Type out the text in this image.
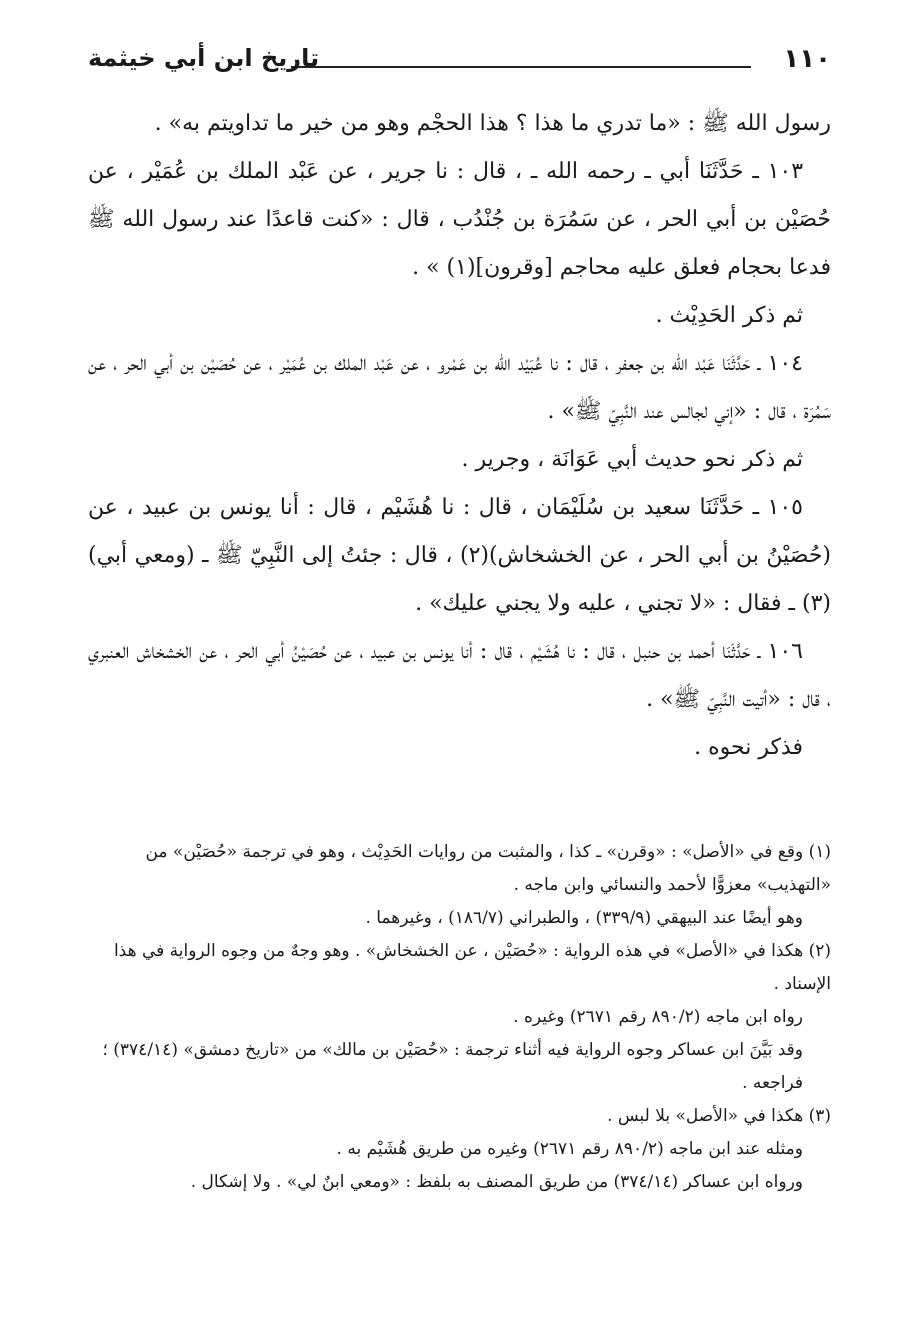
١١٠
تاريخ ابن أبي خيثمة

رسول الله ﷺ : «ما تدري ما هذا ؟ هذا الحجْم وهو من خير ما تداويتم به» .

١٠٣ ـ حَدَّثَنَا أبي ـ رحمه الله ـ ، قال : نا جرير ، عن عَبْد الملك بن عُمَيْر ، عن حُصَيْن بن أبي الحر ، عن سَمُرَة بن جُنْدُب ، قال : «كنت قاعدًا عند رسول الله ﷺ فدعا بحجام فعلق عليه محاجم [وقرون](١) » .

ثم ذكر الحَدِيْث .

١٠٤ ـ حَدَّثَنَا عَبْد الله بن جعفر ، قال : نا عُبَيْد الله بن عَمْرو ، عن عَبْد الملك بن عُمَيْر ، عن حُصَيْن بن أبي الحر ، عن سَمُرَة ، قال : «إني لجالس عند النَّبِيّ ﷺ» .

ثم ذكر نحو حديث أبي عَوَانَة ، وجرير .

١٠٥ ـ حَدَّثَنَا سعيد بن سُلَيْمَان ، قال : نا هُشَيْم ، قال : أنا يونس بن عبيد ، عن (حُصَيْنُ بن أبي الحر ، عن الخشخاش)(٢) ، قال : جئتُ إلى النَّبِيّ ﷺ ـ (ومعي أبي)(٣) ـ فقال : «لا تجني ، عليه ولا يجني عليك» .

١٠٦ ـ حَدَّثَنَا أحمد بن حنبل ، قال : نا هُشَيْم ، قال : أنا يونس بن عبيد ، عن حُصَيْنُ أبي الحر ، عن الخشخاش العنبري ، قال : «أتيت النَّبِيّ ﷺ» .

فذكر نحوه .

(١) وقع في «الأصل» : «وقرن» ـ كذا ، والمثبت من روايات الحَدِيْث ، وهو في ترجمة «حُصَيْن» من «التهذيب» معزوًّا لأحمد والنسائي وابن ماجه .

وهو أيضًا عند البيهقي (٣٣٩/٩) ، والطبراني (١٨٦/٧) ، وغيرهما .

(٢) هكذا في «الأصل» في هذه الرواية : «حُصَيْن ، عن الخشخاش» . وهو وجهٌ من وجوه الرواية في هذا الإسناد .

رواه ابن ماجه (٨٩٠/٢ رقم ٢٦٧١) وغيره .

وقد بَيَّنَ ابن عساكر وجوه الرواية فيه أثناء ترجمة : «حُصَيْن بن مالك» من «تاريخ دمشق» (٣٧٤/١٤) ؛ فراجعه .

(٣) هكذا في «الأصل» بلا لبس .

ومثله عند ابن ماجه (٨٩٠/٢ رقم ٢٦٧١) وغيره من طريق هُشَيْم به .

ورواه ابن عساكر (٣٧٤/١٤) من طريق المصنف به بلفظ : «ومعي ابنٌ لي» . ولا إشكال .
